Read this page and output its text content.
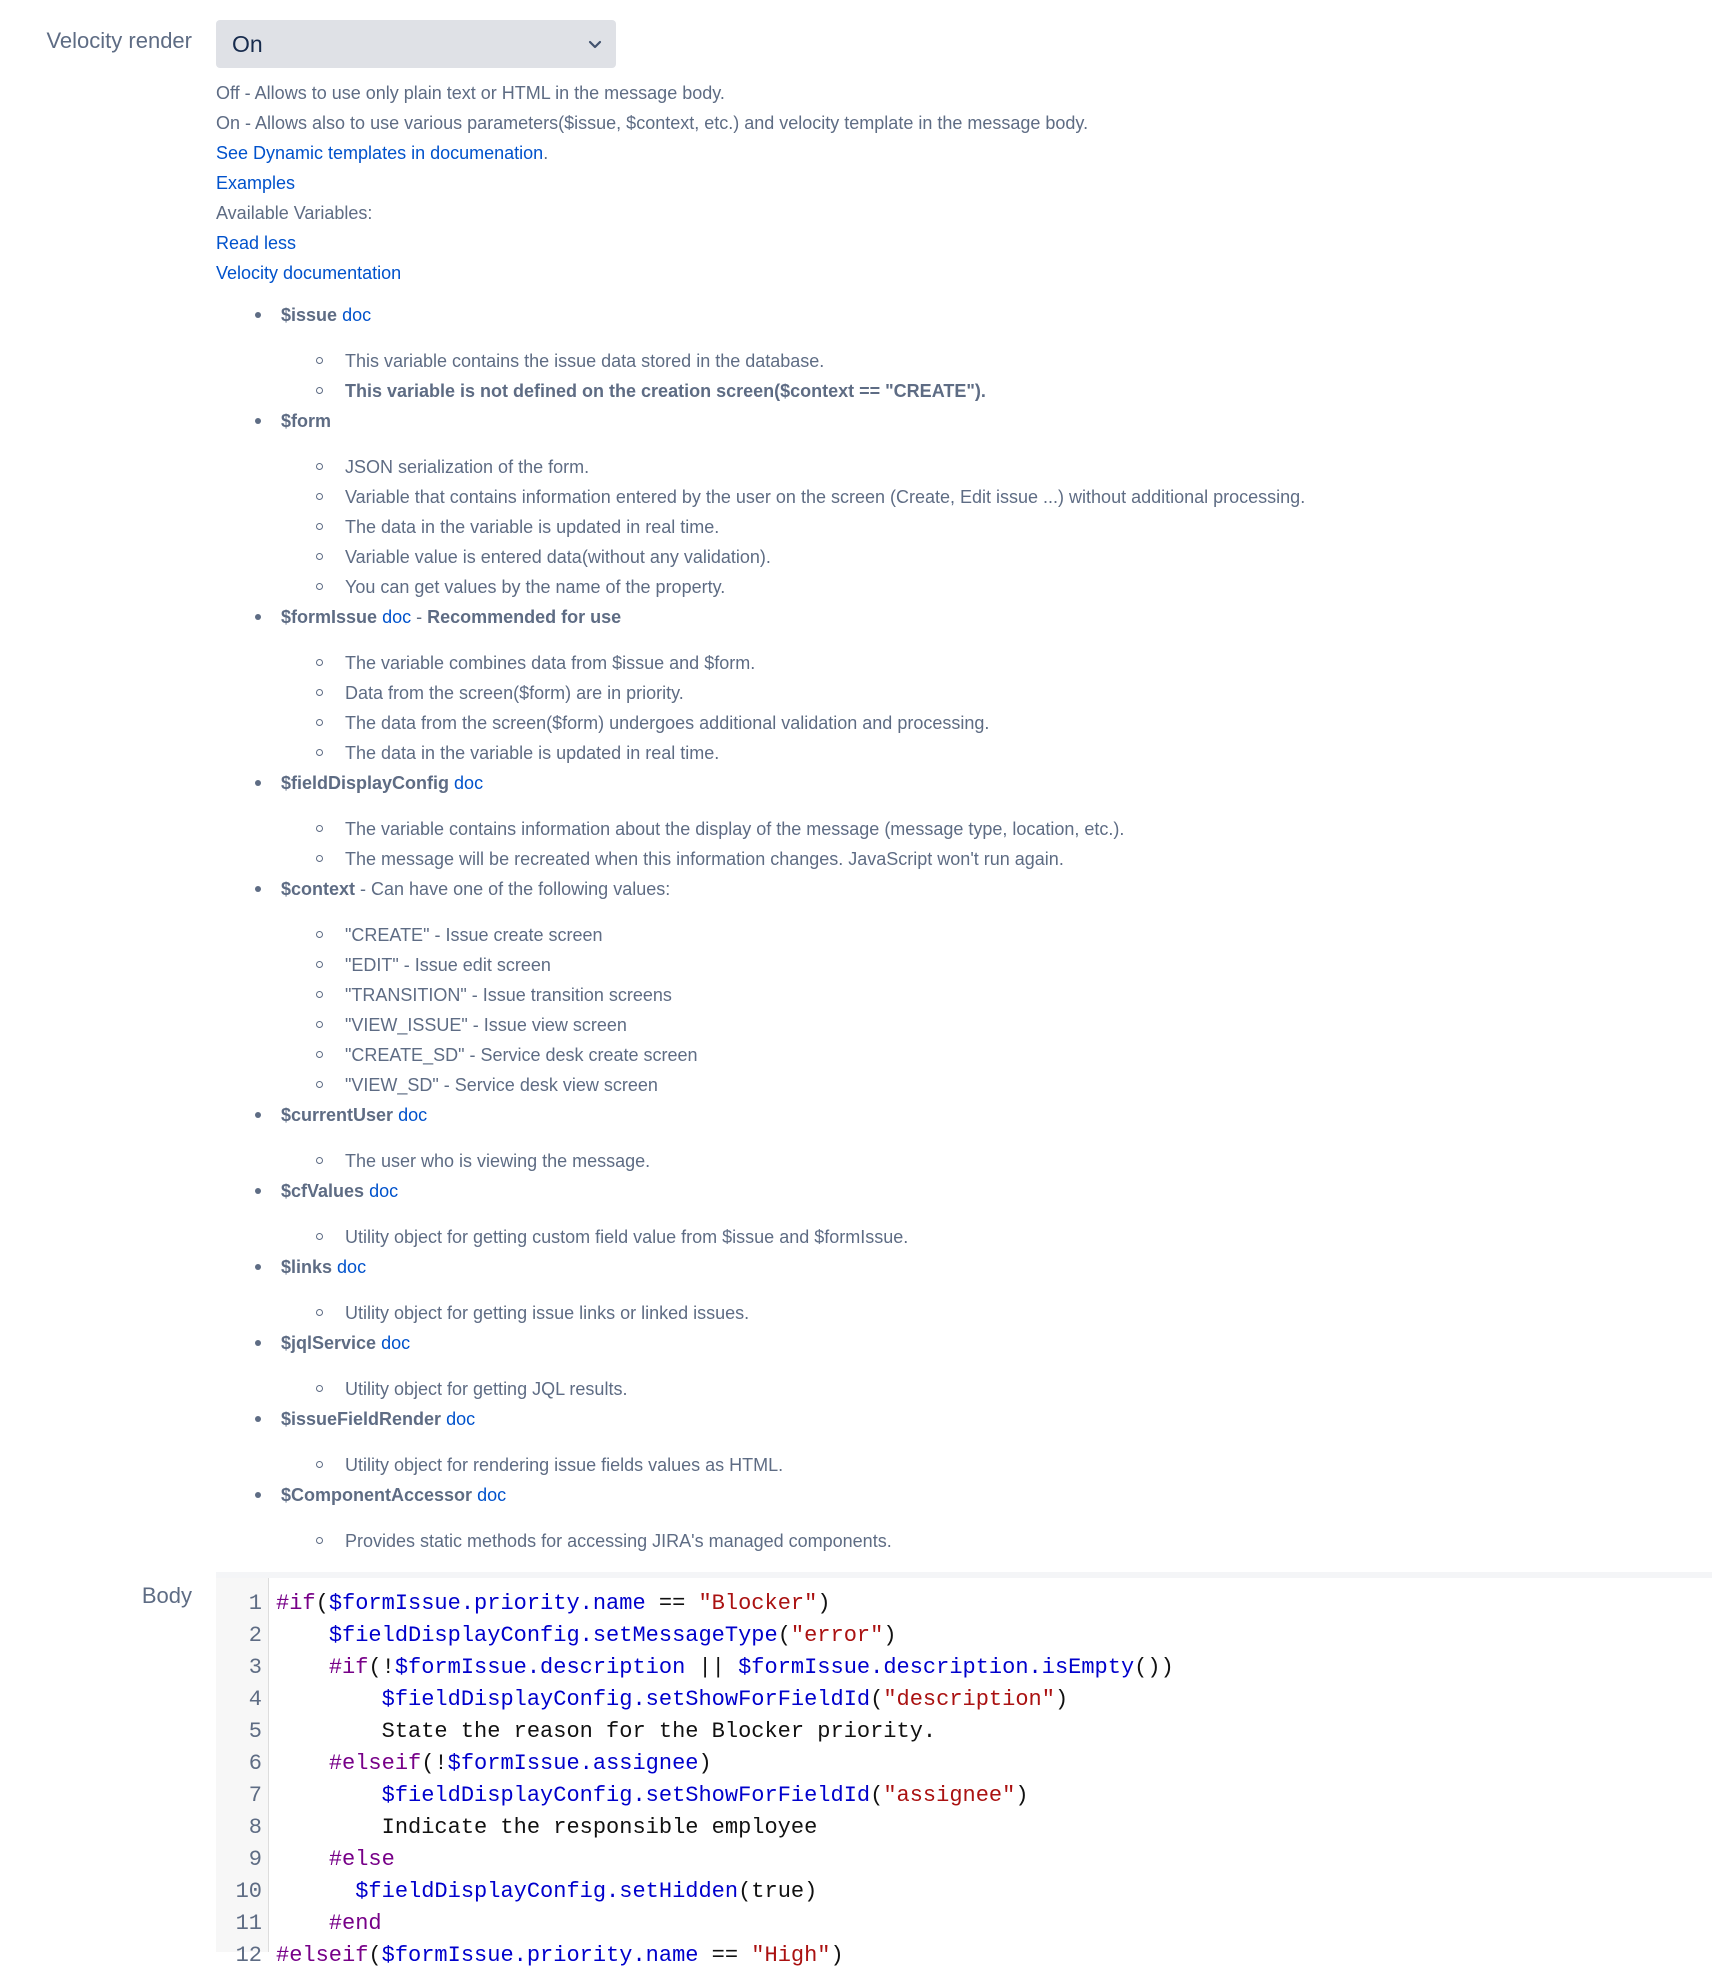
Velocity render On
Off - Allows to use only plain text or HTML in the message body.
On - Allows also to use various parameters($issue, $context, etc.) and velocity template in the message body.
See Dynamic templates in documenation.
Examples
Available Variables:
Read less
Velocity documentation
$issue doc
This variable contains the issue data stored in the database.
This variable is not defined on the creation screen($context == "CREATE").
$form
JSON serialization of the form.
Variable that contains information entered by the user on the screen (Create, Edit issue ...) without additional processing.
The data in the variable is updated in real time.
Variable value is entered data(without any validation).
You can get values by the name of the property.
$formIssue doc - Recommended for use
The variable combines data from $issue and $form.
Data from the screen($form) are in priority.
The data from the screen($form) undergoes additional validation and processing.
The data in the variable is updated in real time.
$fieldDisplayConfig doc
The variable contains information about the display of the message (message type, location, etc.).
The message will be recreated when this information changes. JavaScript won't run again.
$context - Can have one of the following values:
"CREATE" - Issue create screen
"EDIT" - Issue edit screen
"TRANSITION" - Issue transition screens
"VIEW_ISSUE" - Issue view screen
"CREATE_SD" - Service desk create screen
"VIEW_SD" - Service desk view screen
$currentUser doc
The user who is viewing the message.
$cfValues doc
Utility object for getting custom field value from $issue and $formIssue.
$links doc
Utility object for getting issue links or linked issues.
$jqlService doc
Utility object for getting JQL results.
$issueFieldRender doc
Utility object for rendering issue fields values as HTML.
$ComponentAccessor doc
Provides static methods for accessing JIRA's managed components.
Body	1 #if($formIssue.priority.name == "Blocker")
2	$fieldDisplayConfig.setMessageType("error")
3	#if(!$formIssue.description || $formIssue.description.isEmpty())
4	$fieldDisplayConfig.setShowForFieldId("description")
5 State the reason for the Blocker priority.
6	#elseif(!$formIssue.assignee)
7	$fieldDisplayConfig.setShowForFieldId("assignee")
8 Indicate the responsible employee
9	#else
10	$fieldDisplayConfig.setHidden(true)
11	#end
12 #elseif($formIssue.priority.name == "High")
